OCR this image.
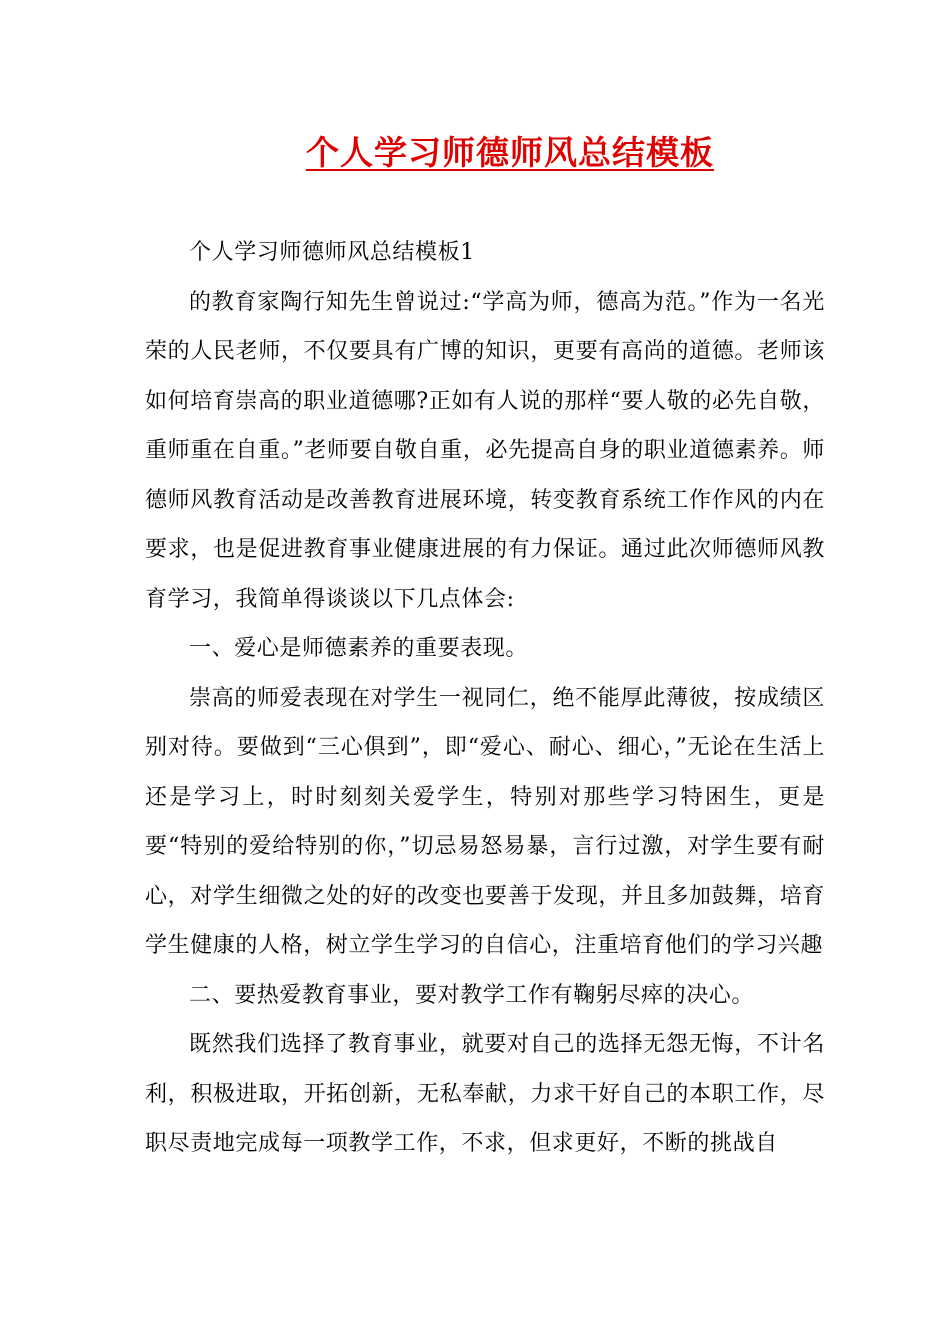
个人学习师德师风总结模板

个人学习师德师风总结模板1

的教育家陶行知先生曾说过:“学高为师，德高为范。”作为一名光荣的人民老师，不仅要具有广博的知识，更要有高尚的道德。老师该如何培育崇高的职业道德哪?正如有人说的那样“要人敬的必先自敬，重师重在自重。”老师要自敬自重，必先提高自身的职业道德素养。师德师风教育活动是改善教育进展环境，转变教育系统工作作风的内在要求，也是促进教育事业健康进展的有力保证。通过此次师德师风教育学习，我简单得谈谈以下几点体会:

一、爱心是师德素养的重要表现。

崇高的师爱表现在对学生一视同仁，绝不能厚此薄彼，按成绩区别对待。要做到“三心俱到”，即“爱心、耐心、细心，”无论在生活上还是学习上，时时刻刻关爱学生，特别对那些学习特困生，更是要“特别的爱给特别的你，”切忌易怒易暴，言行过激，对学生要有耐心，对学生细微之处的好的改变也要善于发现，并且多加鼓舞，培育学生健康的人格，树立学生学习的自信心，注重培育他们的学习兴趣

二、要热爱教育事业，要对教学工作有鞠躬尽瘁的决心。

既然我们选择了教育事业，就要对自己的选择无怨无悔，不计名利，积极进取，开拓创新，无私奉献，力求干好自己的本职工作，尽职尽责地完成每一项教学工作，不求，但求更好，不断的挑战自
